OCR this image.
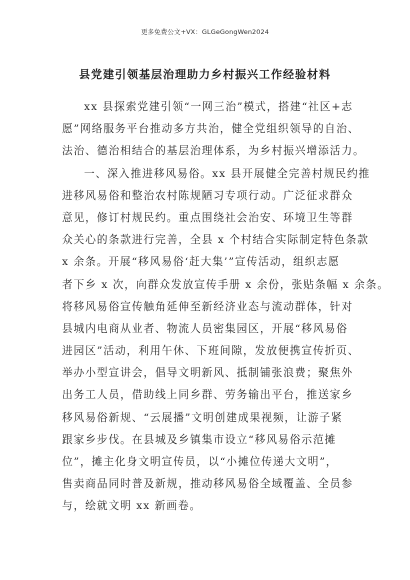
更多免费公文+VX：GLGeGongWen2024
县党建引领基层治理助力乡村振兴工作经验材料
xx 县探索党建引领“一网三治”模式，搭建“社区+志
愿”网络服务平台推动多方共治，健全党组织领导的自治、
法治、德治相结合的基层治理体系，为乡村振兴增添活力。
一、深入推进移风易俗。xx 县开展健全完善村规民约推
进移风易俗和整治农村陈规陋习专项行动。广泛征求群众
意见，修订村规民约。重点围绕社会治安、环境卫生等群
众关心的条款进行完善，全县 x 个村结合实际制定特色条款
x 余条。开展“移风易俗‘赶大集’”宣传活动，组织志愿
者下乡 x 次，向群众发放宣传手册 x 余份，张贴条幅 x 余条。
将移风易俗宣传触角延伸至新经济业态与流动群体，针对
县城内电商从业者、物流人员密集园区，开展“移风易俗
进园区”活动，利用午休、下班间隙，发放便携宣传折页、
举办小型宣讲会，倡导文明新风、抵制铺张浪费；聚焦外
出务工人员，借助线上同乡群、劳务输出平台，推送家乡
移风易俗新规、“云展播”文明创建成果视频，让游子紧
跟家乡步伐。在县城及乡镇集市设立“移风易俗示范摊
位”，摊主化身文明宣传员，以“小摊位传递大文明”，
售卖商品同时普及新规，推动移风易俗全域覆盖、全员参
与，绘就文明 xx 新画卷。
